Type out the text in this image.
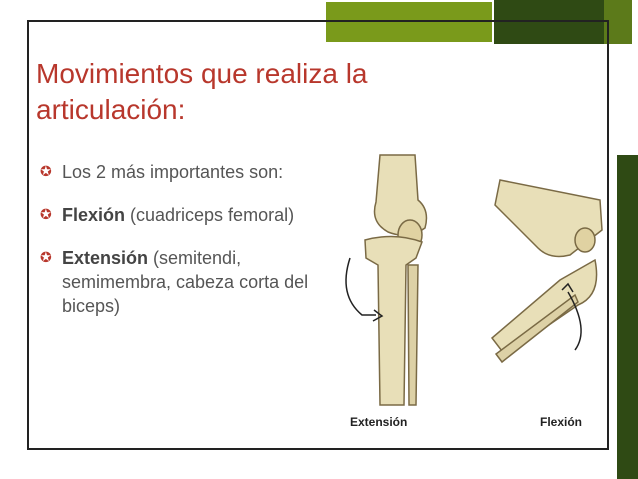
Movimientos que realiza la articulación:
✪ Los 2 más importantes son:
✪ Flexión (cuadriceps femoral)
✪ Extensión (semitendi, semimembra, cabeza corta del biceps)
Extensión	Flexión
